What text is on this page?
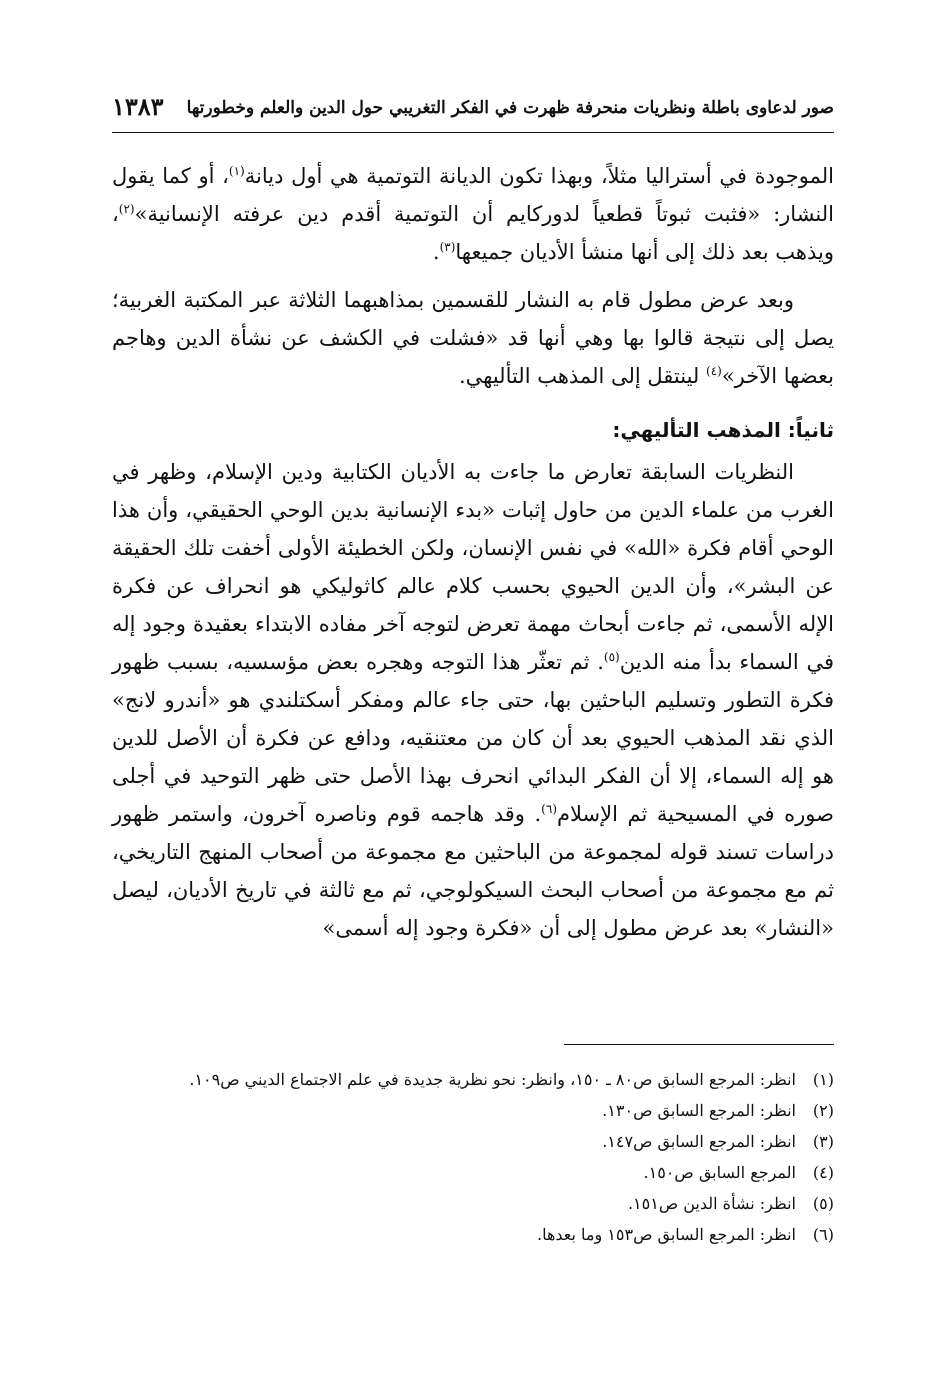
صور لدعاوى باطلة ونظريات منحرفة ظهرت في الفكر التغريبي حول الدين والعلم وخطورتها
١٣٨٣

الموجودة في أستراليا مثلاً، وبهذا تكون الديانة التوتمية هي أول ديانة$^{(١)}$، أو كما يقول النشار: «فثبت ثبوتاً قطعياً لدوركايم أن التوتمية أقدم دين عرفته الإنسانية»$^{(٢)}$، ويذهب بعد ذلك إلى أنها منشأ الأديان جميعها$^{(٣)}$.

وبعد عرض مطول قام به النشار للقسمين بمذاهبهما الثلاثة عبر المكتبة الغربية؛ يصل إلى نتيجة قالوا بها وهي أنها قد «فشلت في الكشف عن نشأة الدين وهاجم بعضها الآخر»$^{(٤)}$ لينتقل إلى المذهب التأليهي.

ثانياً: المذهب التأليهي:

النظريات السابقة تعارض ما جاءت به الأديان الكتابية ودين الإسلام، وظهر في الغرب من علماء الدين من حاول إثبات «بدء الإنسانية بدين الوحي الحقيقي، وأن هذا الوحي أقام فكرة «الله» في نفس الإنسان، ولكن الخطيئة الأولى أخفت تلك الحقيقة عن البشر»، وأن الدين الحيوي بحسب كلام عالم كاثوليكي هو انحراف عن فكرة الإله الأسمى، ثم جاءت أبحاث مهمة تعرض لتوجه آخر مفاده الابتداء بعقيدة وجود إله في السماء بدأ منه الدين$^{(٥)}$. ثم تعثّر هذا التوجه وهجره بعض مؤسسيه، بسبب ظهور فكرة التطور وتسليم الباحثين بها، حتى جاء عالم ومفكر أسكتلندي هو «أندرو لانج» الذي نقد المذهب الحيوي بعد أن كان من معتنقيه، ودافع عن فكرة أن الأصل للدين هو إله السماء، إلا أن الفكر البدائي انحرف بهذا الأصل حتى ظهر التوحيد في أجلى صوره في المسيحية ثم الإسلام$^{(٦)}$. وقد هاجمه قوم وناصره آخرون، واستمر ظهور دراسات تسند قوله لمجموعة من الباحثين مع مجموعة من أصحاب المنهج التاريخي، ثم مع مجموعة من أصحاب البحث السيكولوجي، ثم مع ثالثة في تاريخ الأديان، ليصل «النشار» بعد عرض مطول إلى أن «فكرة وجود إله أسمى»

(١)
انظر: المرجع السابق ص٨٠ ـ ١٥٠، وانظر: نحو نظرية جديدة في علم الاجتماع الديني ص١٠٩.
(٢)
انظر: المرجع السابق ص١٣٠.
(٣)
انظر: المرجع السابق ص١٤٧.
(٤)
المرجع السابق ص١٥٠.
(٥)
انظر: نشأة الدين ص١٥١.
(٦)
انظر: المرجع السابق ص١٥٣ وما بعدها.
